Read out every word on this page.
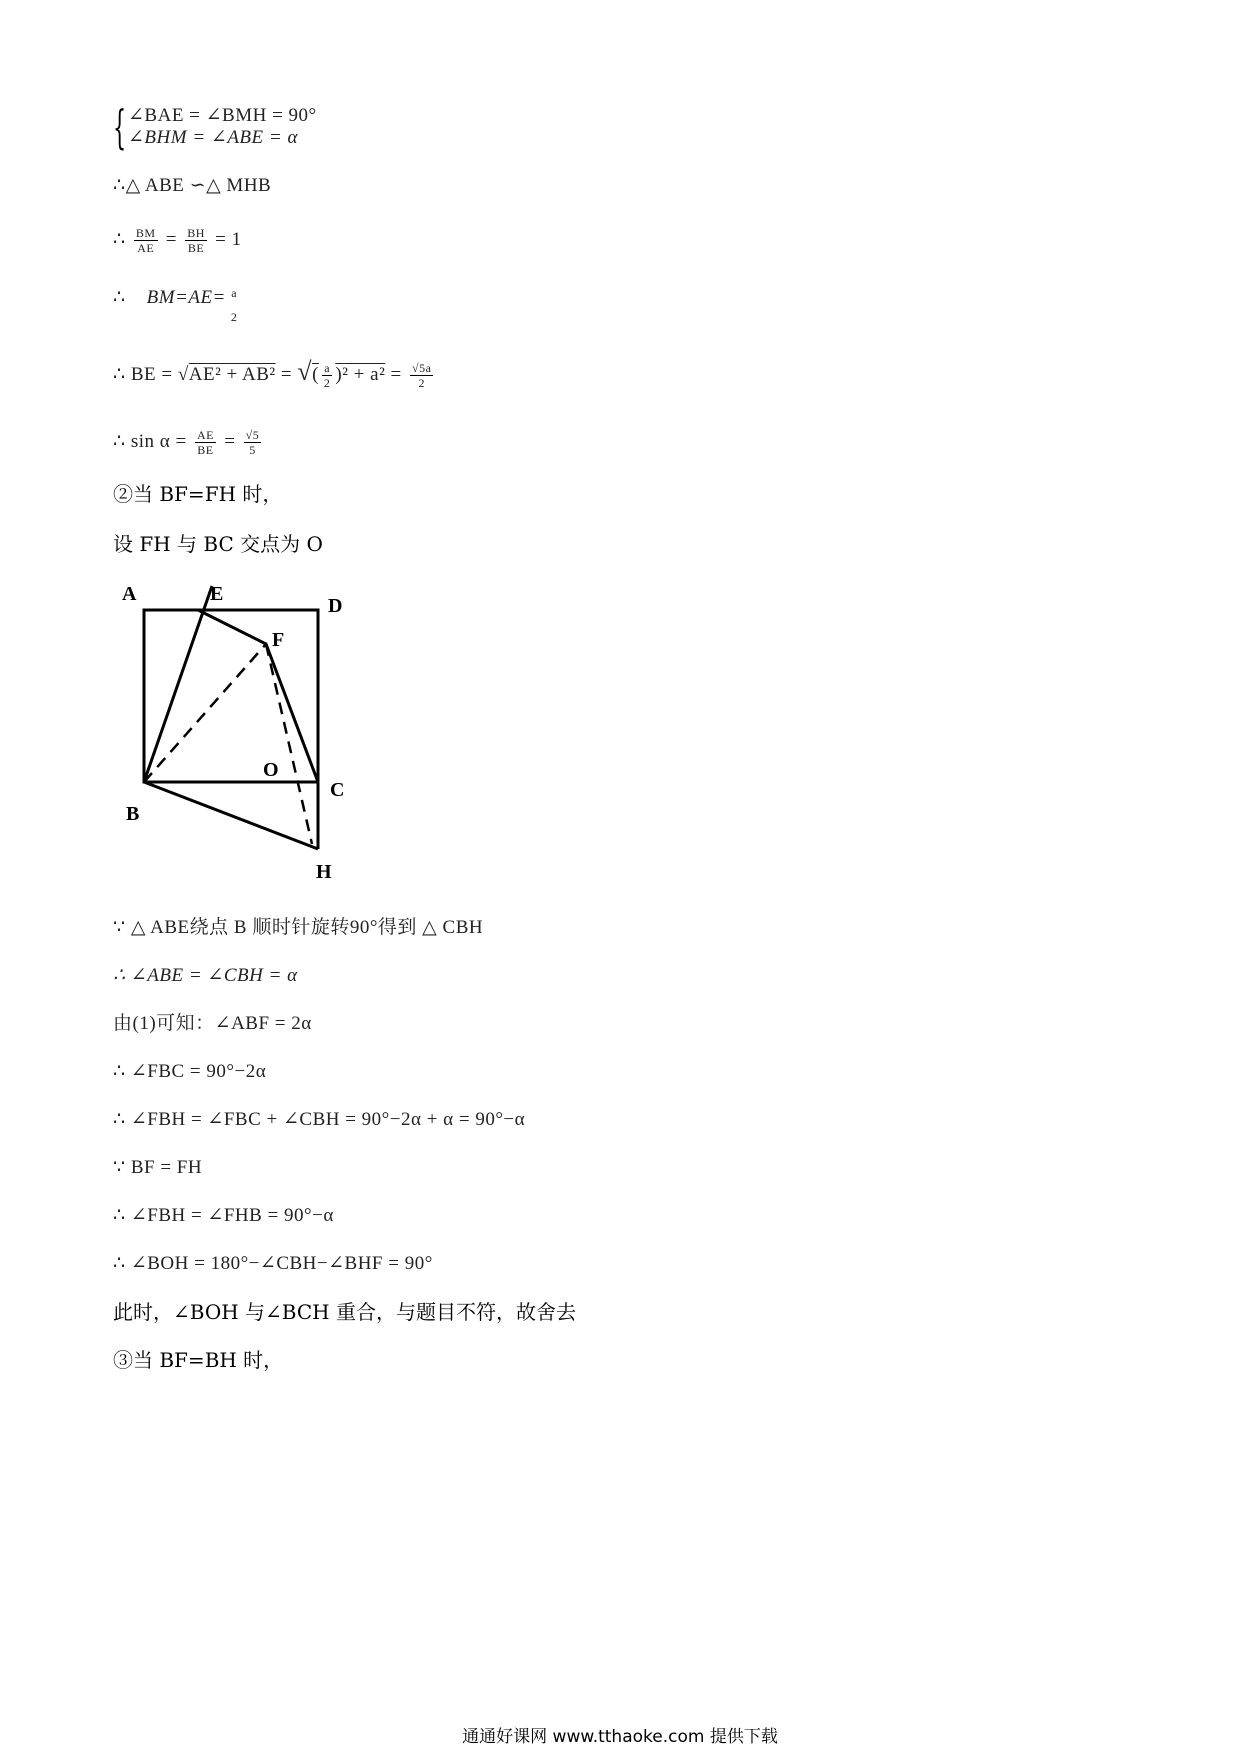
{ ∠BAE = ∠BMH = 90°
∠BHM = ∠ABE = α
∴△ ABE ∽△ MHB
∴ $\frac{BM}{AE} = \frac{BH}{BE} = 1$
∴ BM=AE= a
2
∴ BE = √AE² + AB² = √( $\frac{a}{2} )^2 + a^2 = \frac{√5a}{2}$
∴ $\sin \alpha = \frac{AE}{BE} = \frac{√5}{5}$
②当 BF=FH 时，
设 FH 与 BC 交点为 O
A	E
D
F
O
C
B
H
∵ △ ABE绕点 B 顺时针旋转90°得到 △ CBH
∴ ∠ABE = ∠CBH = α
由(1)可知：∠ABF = 2α
∴ ∠FBC = 90°−2α
∴ ∠FBH = ∠FBC + ∠CBH = 90°−2α + α = 90°−α
∵ BF = FH
∴ ∠FBH = ∠FHB = 90°−α
∴ ∠BOH = 180°−∠CBH−∠BHF = 90°
此时，∠BOH 与∠BCH 重合，与题目不符，故舍去
③当 BF=BH 时，
通通好课网 www.tthaoke.com 提供下载
